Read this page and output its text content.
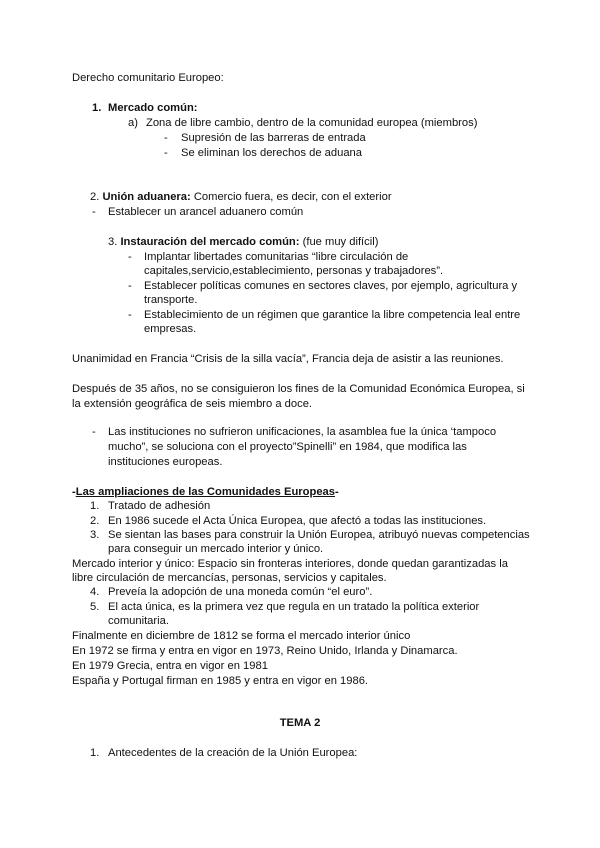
Derecho comunitario Europeo:
1. Mercado común:
a) Zona de libre cambio, dentro de la comunidad europea (miembros)
- Supresión de las barreras de entrada
- Se eliminan los derechos de aduana
2. Unión aduanera: Comercio fuera, es decir, con el exterior
- Establecer un arancel aduanero común
3. Instauración del mercado común: (fue muy difícil)
- Implantar libertades comunitarias “libre circulación de
capitales,servicio,establecimiento, personas y trabajadores”.
- Establecer políticas comunes en sectores claves, por ejemplo, agricultura y
transporte.
- Establecimiento de un régimen que garantice la libre competencia leal entre
empresas.
Unanimidad en Francia “Crisis de la silla vacía”, Francia deja de asistir a las reuniones.
Después de 35 años, no se consiguieron los fines de la Comunidad Económica Europea, si
la extensión geográfica de seis miembro a doce.
- Las instituciones no sufrieron unificaciones, la asamblea fue la única ‘tampoco
mucho”, se soluciona con el proyecto”Spinelli” en 1984, que modifica las
instituciones europeas.
-Las ampliaciones de las Comunidades Europeas-
1. Tratado de adhesión
2. En 1986 sucede el Acta Única Europea, que afectó a todas las instituciones.
3. Se sientan las bases para construir la Unión Europea, atribuyó nuevas competencias
para conseguir un mercado interior y único.
Mercado interior y único: Espacio sin fronteras interiores, donde quedan garantizadas la
libre circulación de mercancías, personas, servicios y capitales.
4. Preveía la adopción de una moneda común “el euro”.
5. El acta única, es la primera vez que regula en un tratado la política exterior
comunitaria.
Finalmente en diciembre de 1812 se forma el mercado interior único
En 1972 se firma y entra en vigor en 1973, Reino Unido, Irlanda y Dinamarca.
En 1979 Grecia, entra en vigor en 1981
España y Portugal firman en 1985 y entra en vigor en 1986.
TEMA 2
1. Antecedentes de la creación de la Unión Europea:
